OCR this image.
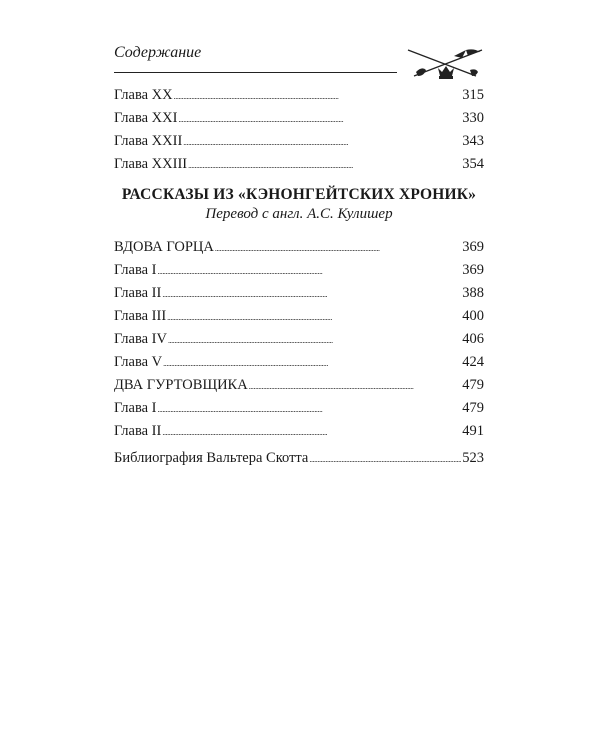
Содержание
Глава XX . . .	315
Глава XXI . . .	330
Глава XXII . . .	343
Глава XXIII . . .	354
РАССКАЗЫ ИЗ «КЭНОНГЕЙТСКИХ ХРОНИК»
Перевод с англ. А.С. Кулишер
ВДОВА ГОРЦА . . .	369
Глава I . . .	369
Глава II . . .	388
Глава III . . .	400
Глава IV . . .	406
Глава V . . .	424
ДВА ГУРТОВЩИКА . . .	479
Глава I . . .	479
Глава II . . .	491
Библиография Вальтера Скотта . . .	523
